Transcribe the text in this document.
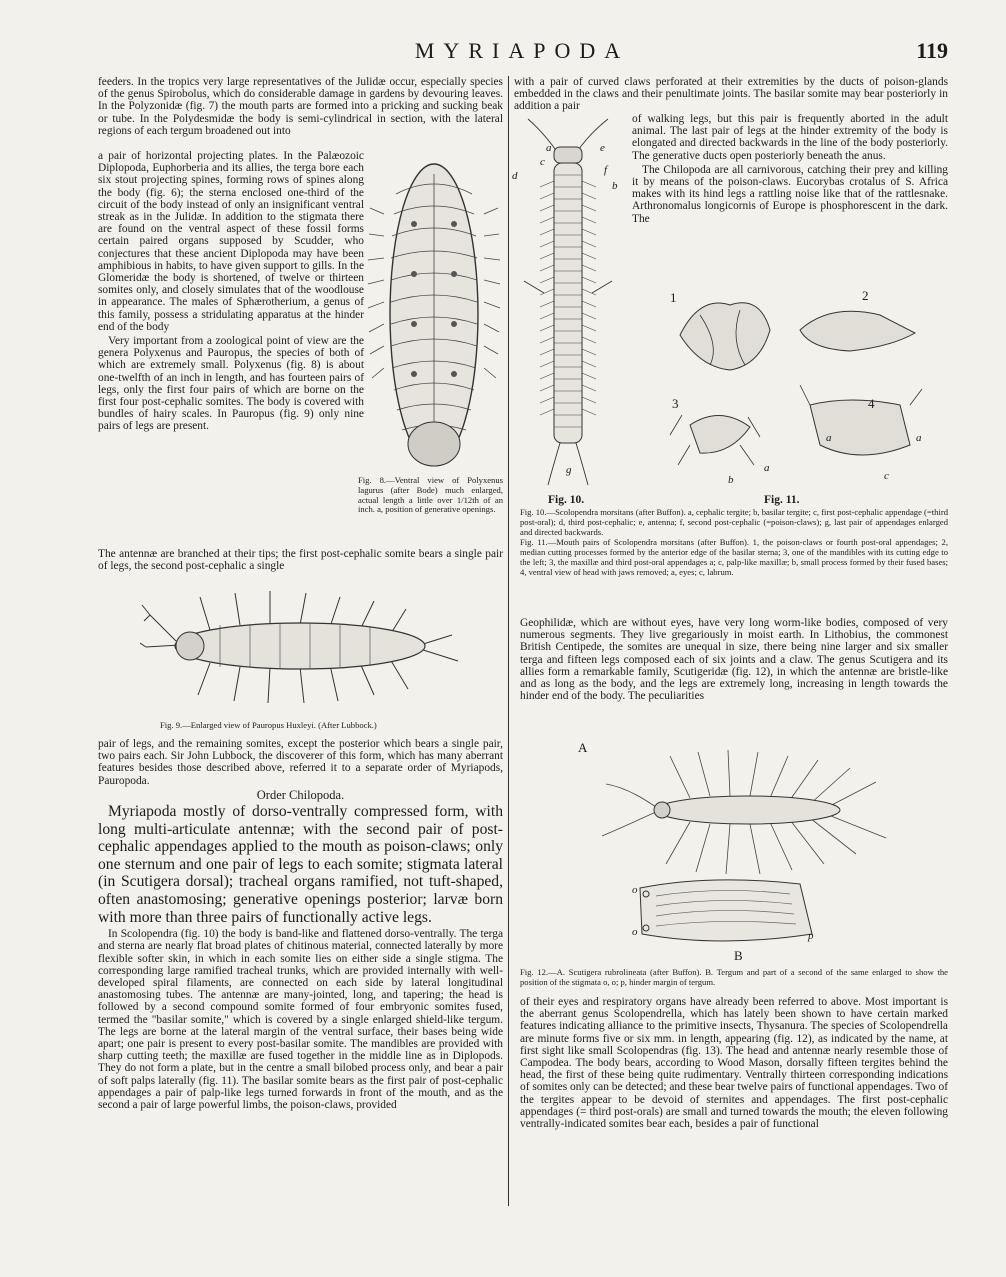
MYRIAPODA	119

feeders. In the tropics very large representatives of the Julidæ occur, especially species of the genus Spirobolus, which do considerable damage in gardens by devouring leaves. In the Polyzonidæ (fig. 7) the mouth parts are formed into a pricking and sucking beak or tube. In the Polydesmidæ the body is semi-cylindrical in section, with the lateral regions of each tergum broadened out into

a pair of horizontal projecting plates. In the Palæozoic Diplopoda, Euphorberia and its allies, the terga bore each six stout projecting spines, forming rows of spines along the body (fig. 6); the sterna enclosed one-third of the circuit of the body instead of only an insignificant ventral streak as in the Julidæ. In addition to the stigmata there are found on the ventral aspect of these fossil forms certain paired organs supposed by Scudder, who conjectures that these ancient Diplopoda may have been amphibious in habits, to have given support to gills. In the Glomeridæ the body is shortened, of twelve or thirteen somites only, and closely simulates that of the woodlouse in appearance. The males of Sphærotherium, a genus of this family, possess a stridulating apparatus at the hinder end of the body

Very important from a zoological point of view are the genera Polyxenus and Pauropus, the species of both of which are extremely small. Polyxenus (fig. 8) is about one-twelfth of an inch in length, and has fourteen pairs of legs, only the first four pairs of which are borne on the first four post-cephalic somites. The body is covered with bundles of hairy scales. In Pauropus (fig. 9) only nine pairs of legs are present.

The antennæ are branched at their tips; the first post-cephalic somite bears a single pair of legs, the second post-cephalic a single

Fig. 8.—Ventral view of Polyxenus lagurus (after Bode) much enlarged, actual length a little over 1/12th of an inch. a, position of generative openings.

Fig. 9.—Enlarged view of Pauropus Huxleyi. (After Lubbock.)

pair of legs, and the remaining somites, except the posterior which bears a single pair, two pairs each. Sir John Lubbock, the discoverer of this form, which has many aberrant features besides those described above, referred it to a separate order of Myriapods, Pauropoda.

Order Chilopoda.

Myriapoda mostly of dorso-ventrally compressed form, with long multi-articulate antennæ; with the second pair of post-cephalic appendages applied to the mouth as poison-claws; only one sternum and one pair of legs to each somite; stigmata lateral (in Scutigera dorsal); tracheal organs ramified, not tuft-shaped, often anastomosing; generative openings posterior; larvæ born with more than three pairs of functionally active legs.

In Scolopendra (fig. 10) the body is band-like and flattened dorso-ventrally. The terga and sterna are nearly flat broad plates of chitinous material, connected laterally by more flexible softer skin, in which in each somite lies on either side a single stigma. The corresponding large ramified tracheal trunks, which are provided internally with well-developed spiral filaments, are connected on each side by lateral longitudinal anastomosing tubes. The antennæ are many-jointed, long, and tapering; the head is followed by a second compound somite formed of four embryonic somites fused, termed the "basilar somite," which is covered by a single enlarged shield-like tergum. The legs are borne at the lateral margin of the ventral surface, their bases being wide apart; one pair is present to every post-basilar somite. The mandibles are provided with sharp cutting teeth; the maxillæ are fused together in the middle line as in Diplopods. They do not form a plate, but in the centre a small bilobed process only, and bear a pair of soft palps laterally (fig. 11). The basilar somite bears as the first pair of post-cephalic appendages a pair of palp-like legs turned forwards in front of the mouth, and as the second a pair of large powerful limbs, the poison-claws, provided

with a pair of curved claws perforated at their extremities by the ducts of poison-glands embedded in the claws and their penultimate joints. The basilar somite may bear posteriorly in addition a pair

d
c
a	e
f
b
g

of walking legs, but this pair is frequently aborted in the adult animal. The last pair of legs at the hinder extremity of the body is elongated and directed backwards in the line of the body posteriorly. The generative ducts open posteriorly beneath the anus.

The Chilopoda are all carnivorous, catching their prey and killing it by means of the poison-claws. Eucorybas crotalus of S. Africa makes with its hind legs a rattling noise like that of the rattlesnake. Arthronomalus longicornis of Europe is phosphorescent in the dark. The

1	2
3	4
a
a
b	c
a
Fig. 10.	Fig. 11.

Fig. 10.—Scolopendra morsitans (after Buffon). a, cephalic tergite; b, basilar tergite; c, first post-cephalic appendage (=third post-oral); d, third post-cephalic; e, antenna; f, second post-cephalic (=poison-claws); g, last pair of appendages enlarged and directed backwards.

Fig. 11.—Mouth pairs of Scolopendra morsitans (after Buffon). 1, the poison-claws or fourth post-oral appendages; 2, median cutting processes formed by the anterior edge of the basilar sterna; 3, one of the mandibles with its cutting edge to the left; 3, the maxillæ and third post-oral appendages a; c, palp-like maxillæ; b, small process formed by their fused bases; 4, ventral view of head with jaws removed; a, eyes; c, labrum.

Geophilidæ, which are without eyes, have very long worm-like bodies, composed of very numerous segments. They live gregariously in moist earth. In Lithobius, the commonest British Centipede, the somites are unequal in size, there being nine larger and six smaller terga and fifteen legs composed each of six joints and a claw. The genus Scutigera and its allies form a remarkable family, Scutigeridæ (fig. 12), in which the antennæ are bristle-like and as long as the body, and the legs are extremely long, increasing in length towards the hinder end of the body. The peculiarities

A
o
o	p
B

Fig. 12.—A. Scutigera rubrolineata (after Buffon). B. Tergum and part of a second of the same enlarged to show the position of the stigmata o, o; p, hinder margin of tergum.

of their eyes and respiratory organs have already been referred to above. Most important is the aberrant genus Scolopendrella, which has lately been shown to have certain marked features indicating alliance to the primitive insects, Thysanura. The species of Scolopendrella are minute forms five or six mm. in length, appearing (fig. 12), as indicated by the name, at first sight like small Scolopendras (fig. 13). The head and antennæ nearly resemble those of Campodea. The body bears, according to Wood Mason, dorsally fifteen tergites behind the head, the first of these being quite rudimentary. Ventrally thirteen corresponding indications of somites only can be detected; and these bear twelve pairs of functional appendages. Two of the tergites appear to be devoid of sternites and appendages. The first post-cephalic appendages (= third post-orals) are small and turned towards the mouth; the eleven following ventrally-indicated somites bear each, besides a pair of functional
